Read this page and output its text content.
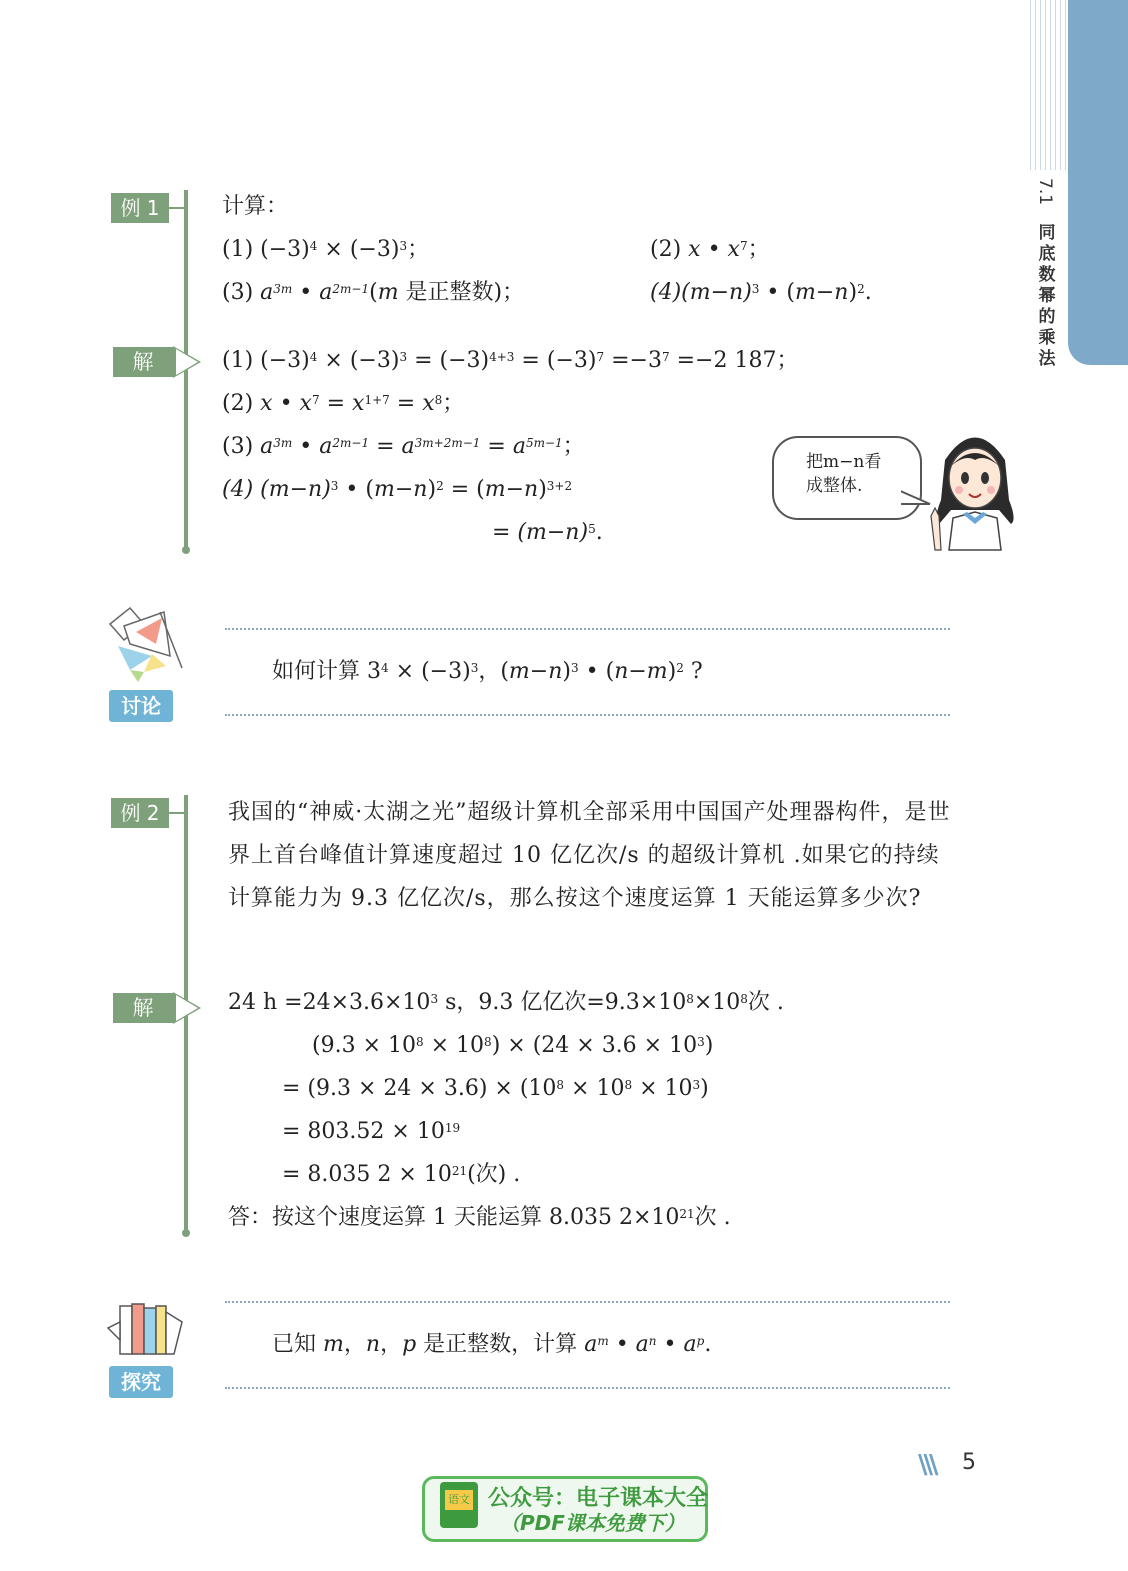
7.1
同
底
数
幂
的
乘
法
例 1	计算：
(1) $(-3)^4 \times (-3)^3$；	(2) x • $x^7$；
(3) $a^{3m}$ • $a^{2m-1}(m$ 是正整数)；	$(4)(m-n)^3$ • $(m-n)^2$.
解	(1) $(-3)^4 \times (-3)^3 = (-3)^{4+3} = (-3)^7 =-3^7 =-2$ 187；
(2) x • $x^7 = x^{1+7} = x^8$；
(3) $a^{3m}$ • $a^{2m-1} = a^{3m+2m-1} = a^{5m-1}$；
(4) $(m-n)^3$ • $(m-n)^2 = (m-n)^{3+2}$
= $(m-n)^5$.
把m−n看
成整体.
讨论
如何计算 $3^4 \times (-3)^3$，$(m-n)^3$ • $(n-m)^2$ ?
例 2	我国的“神威·太湖之光”超级计算机全部采用中国国产处理器构件，是世界上首台峰值计算速度超过 10 亿亿次/s 的超级计算机 .如果它的持续计算能力为 9.3 亿亿次/s，那么按这个速度运算 1 天能运算多少次?
解	24 $h =24\times 3.6\times 10^3$ s，9.3 亿亿次$=9.3\times 10^8\times 10^8$次 .
$(9.3 \times 10^8 \times 10^8) \times (24 \times 3.6 \times 10^3)$
= $(9.3 \times 24 \times 3.6) \times (10^8 \times 10^8 \times 10^3)$
= $803.52 \times 10^{19}$
= 8.035 $2 \times 10^{21}$(次) .
答：按这个速度运算 1 天能运算 8.035 $2\times 10^{21}$次 .
探究
已知 m，n，p 是正整数，计算 $a^m$ • $a^n$ • $a^p$.
\\\ 5
语文 公众号：电子课本大全
（PDF课本免费下）
